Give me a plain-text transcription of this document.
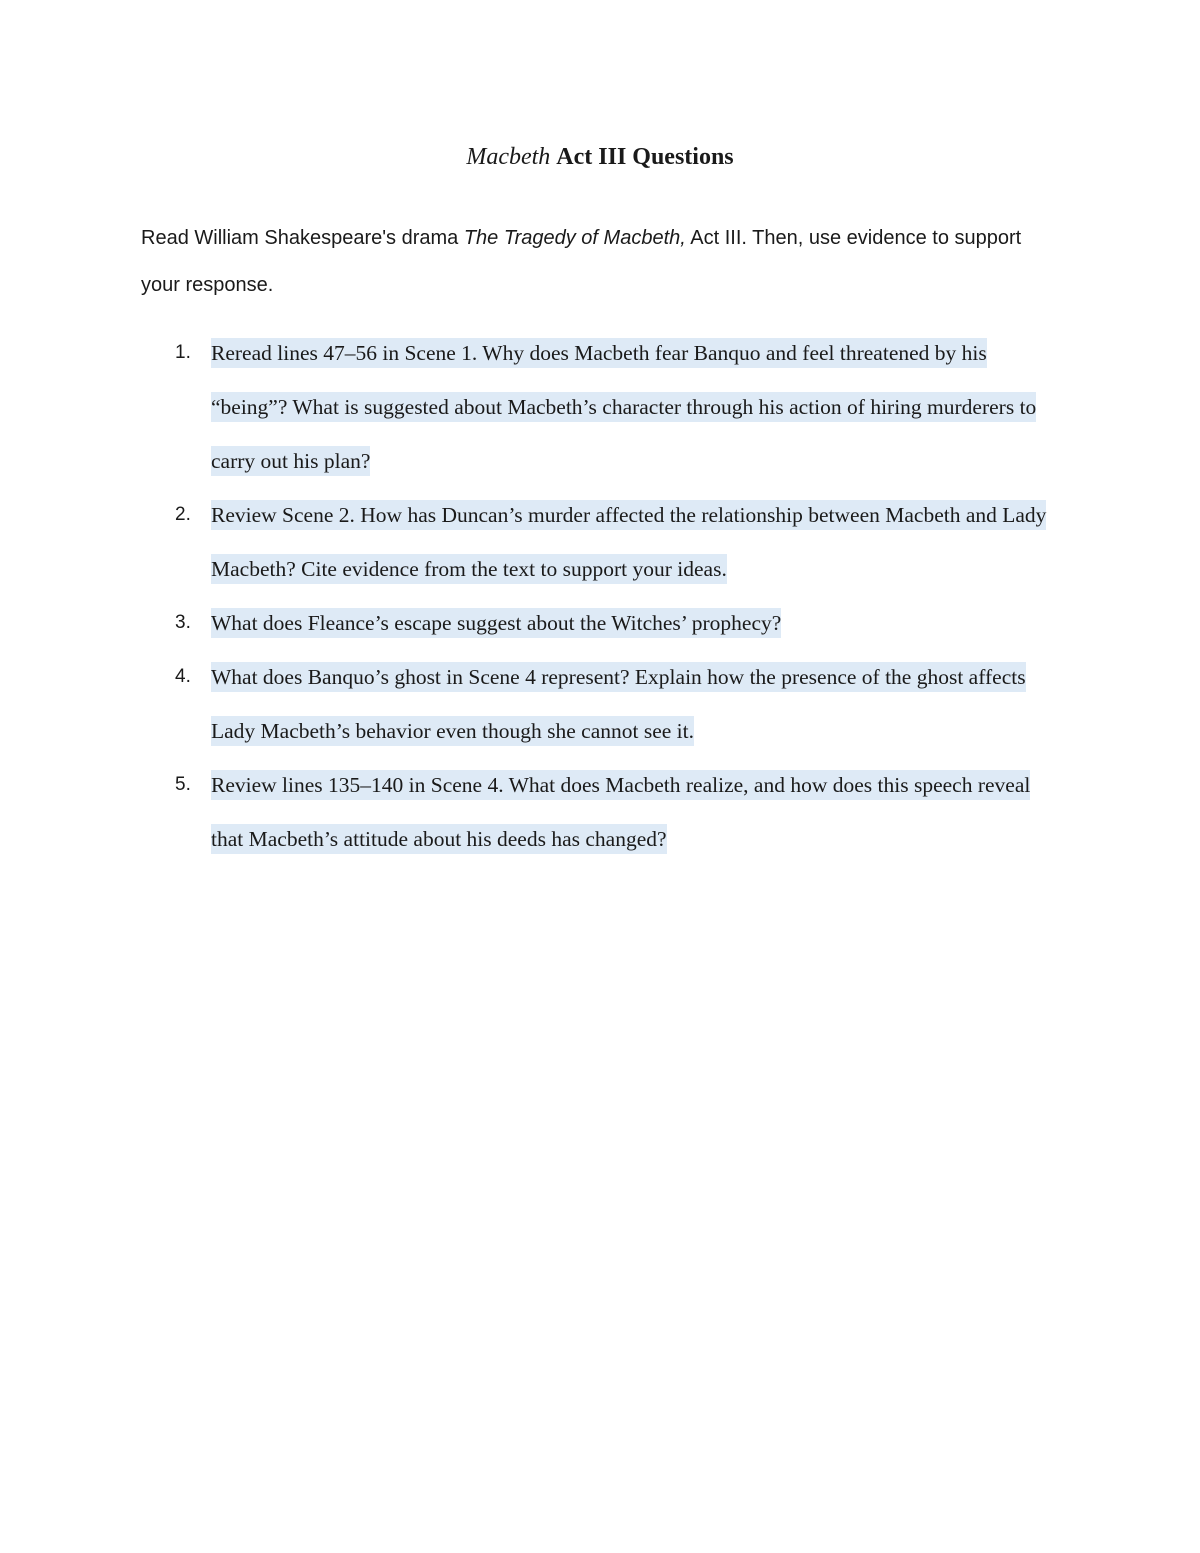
Macbeth Act III Questions
Read William Shakespeare's drama The Tragedy of Macbeth, Act III. Then, use evidence to support your response.
1. Reread lines 47–56 in Scene 1. Why does Macbeth fear Banquo and feel threatened by his “being”? What is suggested about Macbeth’s character through his action of hiring murderers to carry out his plan?
2. Review Scene 2. How has Duncan’s murder affected the relationship between Macbeth and Lady Macbeth? Cite evidence from the text to support your ideas.
3. What does Fleance’s escape suggest about the Witches’ prophecy?
4. What does Banquo’s ghost in Scene 4 represent? Explain how the presence of the ghost affects Lady Macbeth’s behavior even though she cannot see it.
5. Review lines 135–140 in Scene 4. What does Macbeth realize, and how does this speech reveal that Macbeth’s attitude about his deeds has changed?
